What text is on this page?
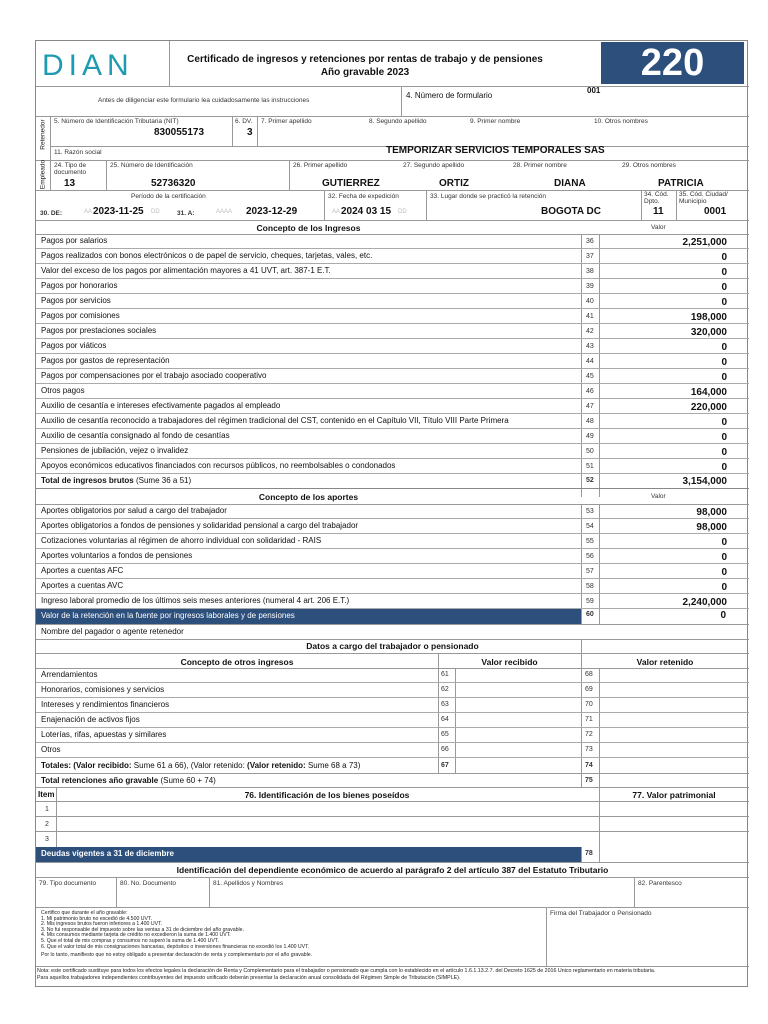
DIAN	Certificado de ingresos y retenciones por rentas de trabajo y de pensiones
Año gravable 2023	220
Antes de diligenciar este formulario lea cuidadosamente las instrucciones
4. Número de formulario
001
Retenedor 5. Número de Identificación Tributaria (NIT)
830055173
6. DV.
3
7. Primer apellido	8. Segundo apellido	9. Primer nombre	10. Otros nombres
11. Razón social	TEMPORIZAR SERVICIOS TEMPORALES SAS
Empleado 24. Tipo de documento
13
25. Número de Identificación
52736320
26. Primer apellido
GUTIERREZ
27. Segundo apellido
ORTIZ
28. Primer nombre
DIANA
29. Otros nombres
PATRICIA
Período de la certificación
30. DE:	AA 2023-11-25 DD	31. A:	AAAA 2023-12-29
32. Fecha de expedición
AA 2024 03 15 DD
33. Lugar donde se practicó la retención
BOGOTA DC
34. Cód. Dpto.
11
35. Cód. Ciudad/ Municipio
0001
Concepto de los Ingresos	Valor
Pagos por salarios	36	2,251,000
Pagos realizados con bonos electrónicos o de papel de servicio, cheques, tarjetas, vales, etc.	37	0
Valor del exceso de los pagos por alimentación mayores a 41 UVT, art. 387-1 E.T.	38	0
Pagos por honorarios	39	0
Pagos por servicios	40	0
Pagos por comisiones	41	198,000
Pagos por prestaciones sociales	42	320,000
Pagos por viáticos	43	0
Pagos por gastos de representación	44	0
Pagos por compensaciones por el trabajo asociado cooperativo	45	0
Otros pagos	46	164,000
Auxilio de cesantía e intereses efectivamente pagados al empleado	47	220,000
Auxilio de cesantía reconocido a trabajadores del régimen tradicional del CST, contenido en el Capítulo VII, Título VIII Parte Primera	48	0
Auxilio de cesantía consignado al fondo de cesantías	49	0
Pensiones de jubilación, vejez o invalidez	50	0
Apoyos económicos educativos financiados con recursos públicos, no reembolsables o condonados	51	0
Total de ingresos brutos (Sume 36 a 51)	52	3,154,000
Concepto de los aportes	Valor
Aportes obligatorios por salud a cargo del trabajador	53	98,000
Aportes obligatorios a fondos de pensiones y solidaridad pensional a cargo del trabajador	54	98,000
Cotizaciones voluntarias al régimen de ahorro individual con solidaridad - RAIS	55	0
Aportes voluntarios a fondos de pensiones	56	0
Aportes a cuentas AFC	57	0
Aportes a cuentas AVC	58	0
Ingreso laboral promedio de los últimos seis meses anteriores (numeral 4 art. 206 E.T.)	59	2,240,000
Valor de la retención en la fuente por ingresos laborales y de pensiones	60	0
Nombre del pagador o agente retenedor
Datos a cargo del trabajador o pensionado
Concepto de otros ingresos	Valor recibido	Valor retenido
Arrendamientos	61	68
Honorarios, comisiones y servicios	62	69
Intereses y rendimientos financieros	63	70
Enajenación de activos fijos	64	71
Loterías, rifas, apuestas y similares	65	72
Otros	66	73
Totales: (Valor recibido: Sume 61 a 66), (Valor retenido: (Valor retenido: Sume 68 a 73)	67	74
Total retenciones año gravable (Sume 60 + 74)	75
Item	76. Identificación de los bienes poseídos	77. Valor patrimonial
1
2
3
Deudas vigentes a 31 de diciembre	78
Identificación del dependiente económico de acuerdo al parágrafo 2 del artículo 387 del Estatuto Tributario
79. Tipo documento	80. No. Documento	81. Apellidos y Nombres	82. Parentesco
Certifico que durante el año gravable:
1. Mi patrimonio bruto no excedió de 4.500 UVT.
2. Mis ingresos brutos fueron inferiores a 1.400 UVT.
3. No fui responsable del impuesto sobre las ventas a 31 de diciembre del año gravable.
4. Mis consumos mediante tarjeta de crédito no excedieron la suma de 1.400 UVT.
5. Que el total de mis compras y consumos no superó la suma de 1.400 UVT.
6. Que el valor total de mis consignaciones bancarias, depósitos o inversiones financieras no excedió los 1.400 UVT.
Por lo tanto, manifiesto que no estoy obligado a presentar declaración de renta y complementario por el año gravable.
Firma del Trabajador o Pensionado
Nota: este certificado sustituye para todos los efectos legales la declaración de Renta y Complementario para el trabajador o pensionado que cumpla con lo establecido en el artículo 1.6.1.13.2.7. del Decreto 1625 de 2016 Único reglamentario en materia tributaria.
Para aquellos trabajadores independientes contribuyentes del impuesto unificado deberán presentar la declaración anual consolidada del Régimen Simple de Tributación (SIMPLE).
